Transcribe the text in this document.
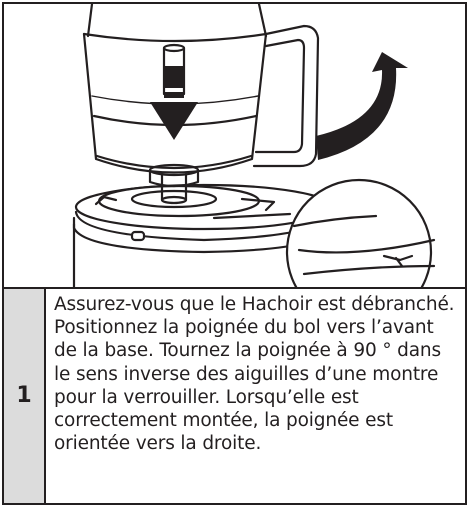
1
Assurez-vous que le Hachoir est débranché. Positionnez la poignée du bol vers l’avant de la base. Tournez la poignée à 90 ° dans le sens inverse des aiguilles d’une montre pour la verrouiller. Lorsqu’elle est correctement montée, la poignée est orientée vers la droite.
